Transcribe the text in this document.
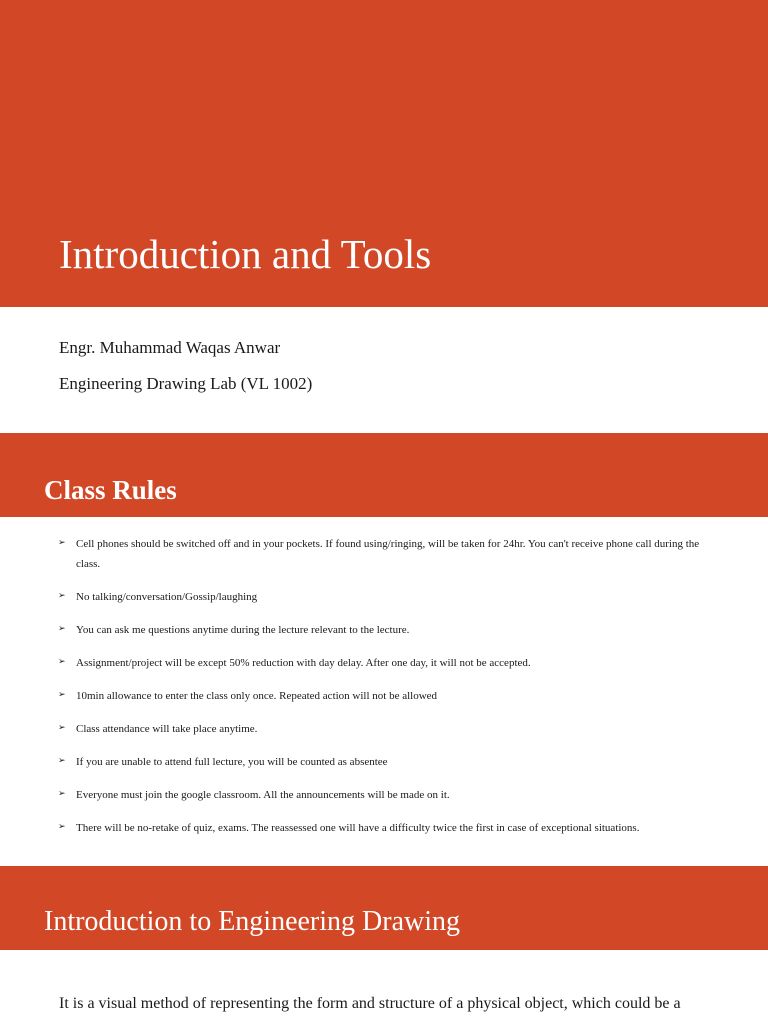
Introduction and Tools
Engr. Muhammad Waqas Anwar
Engineering Drawing Lab (VL 1002)
Class Rules
➢ Cell phones should be switched off and in your pockets. If found using/ringing, will be taken for 24hr. You can't receive phone call during the class.
➢ No talking/conversation/Gossip/laughing
➢ You can ask me questions anytime during the lecture relevant to the lecture.
➢ Assignment/project will be except 50% reduction with day delay. After one day, it will not be accepted.
➢ 10min allowance to enter the class only once. Repeated action will not be allowed
➢ Class attendance will take place anytime.
➢ If you are unable to attend full lecture, you will be counted as absentee
➢ Everyone must join the google classroom. All the announcements will be made on it.
➢ There will be no-retake of quiz, exams. The reassessed one will have a difficulty twice the first in case of exceptional situations.
Introduction to Engineering Drawing

It is a visual method of representing the form and structure of a physical object, which could be a
